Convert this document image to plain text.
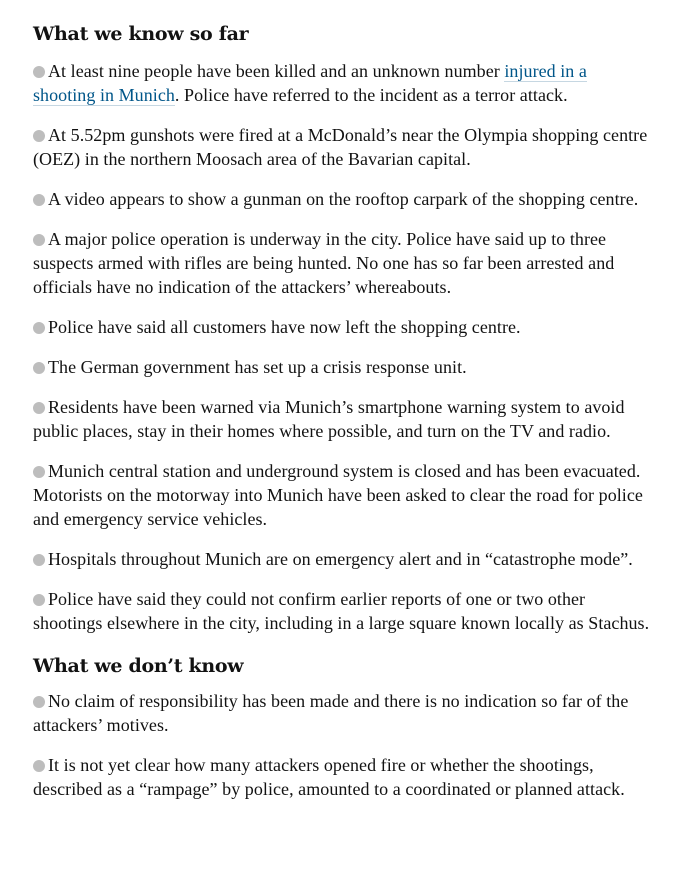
What we know so far
At least nine people have been killed and an unknown number injured in a shooting in Munich. Police have referred to the incident as a terror attack.
At 5.52pm gunshots were fired at a McDonald’s near the Olympia shopping centre (OEZ) in the northern Moosach area of the Bavarian capital.
A video appears to show a gunman on the rooftop carpark of the shopping centre.
A major police operation is underway in the city. Police have said up to three suspects armed with rifles are being hunted. No one has so far been arrested and officials have no indication of the attackers’ whereabouts.
Police have said all customers have now left the shopping centre.
The German government has set up a crisis response unit.
Residents have been warned via Munich’s smartphone warning system to avoid public places, stay in their homes where possible, and turn on the TV and radio.
Munich central station and underground system is closed and has been evacuated. Motorists on the motorway into Munich have been asked to clear the road for police and emergency service vehicles.
Hospitals throughout Munich are on emergency alert and in “catastrophe mode”.
Police have said they could not confirm earlier reports of one or two other shootings elsewhere in the city, including in a large square known locally as Stachus.
What we don’t know
No claim of responsibility has been made and there is no indication so far of the attackers’ motives.
It is not yet clear how many attackers opened fire or whether the shootings, described as a “rampage” by police, amounted to a coordinated or planned attack.
